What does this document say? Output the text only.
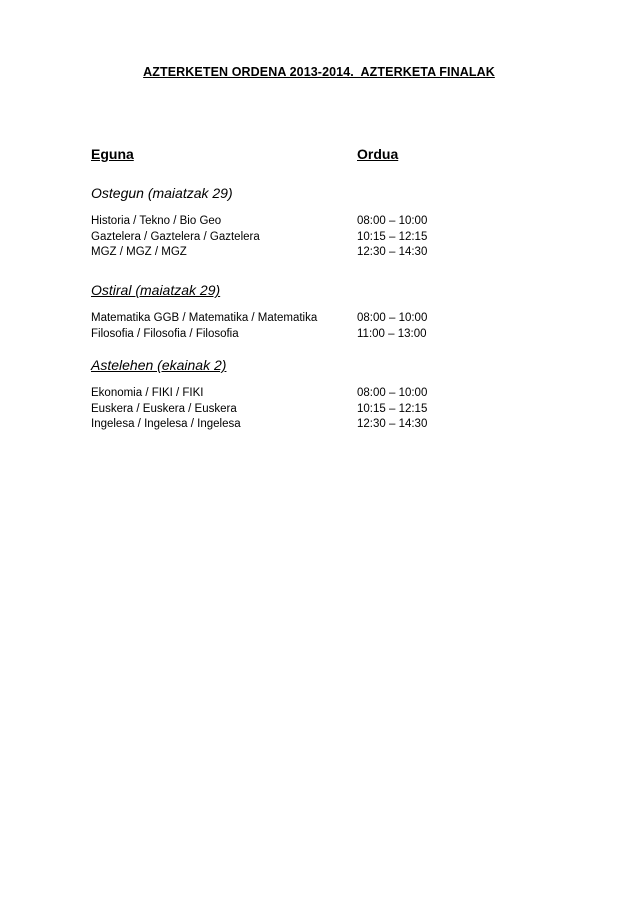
AZTERKETEN ORDENA 2013-2014.  AZTERKETA FINALAK
Eguna	Ordua
Ostegun (maiatzak 29)
Historia / Tekno / Bio Geo	08:00 – 10:00
Gaztelera / Gaztelera / Gaztelera	10:15 – 12:15
MGZ / MGZ / MGZ	12:30 – 14:30
Ostiral (maiatzak 29)
Matematika GGB / Matematika / Matematika	08:00 – 10:00
Filosofia / Filosofia / Filosofia	11:00 – 13:00
Astelehen (ekainak 2)
Ekonomia / FIKI / FIKI	08:00 – 10:00
Euskera / Euskera / Euskera	10:15 – 12:15
Ingelesa / Ingelesa / Ingelesa	12:30 – 14:30
